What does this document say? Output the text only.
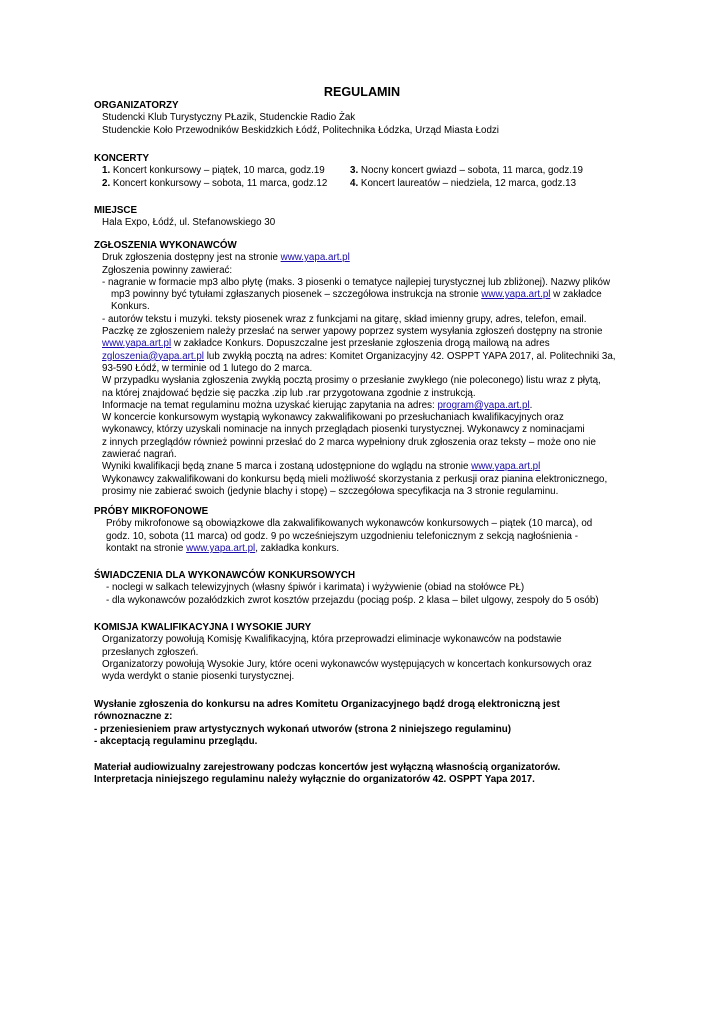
REGULAMIN
ORGANIZATORZY
Studencki Klub Turystyczny PŁazik, Studenckie Radio Żak
Studenckie Koło Przewodników Beskidzkich Łódź, Politechnika Łódzka, Urząd Miasta Łodzi
KONCERTY
1. Koncert konkursowy – piątek, 10 marca, godz.19	3. Nocny koncert gwiazd – sobota, 11 marca, godz.19
2. Koncert konkursowy – sobota, 11 marca, godz.12	4. Koncert laureatów – niedziela, 12 marca, godz.13
MIEJSCE
Hala Expo, Łódź, ul. Stefanowskiego 30
ZGŁOSZENIA WYKONAWCÓW
Druk zgłoszenia dostępny jest na stronie www.yapa.art.pl
Zgłoszenia powinny zawierać:
- nagranie w formacie mp3 albo płytę (maks. 3 piosenki o tematyce najlepiej turystycznej lub zbliżonej). Nazwy plików
mp3 powinny być tytułami zgłaszanych piosenek – szczegółowa instrukcja na stronie www.yapa.art.pl w zakładce
Konkurs.
- autorów tekstu i muzyki. teksty piosenek wraz z funkcjami na gitarę, skład imienny grupy, adres, telefon, email.
Paczkę ze zgłoszeniem należy przesłać na serwer yapowy poprzez system wysyłania zgłoszeń dostępny na stronie
www.yapa.art.pl w zakładce Konkurs. Dopuszczalne jest przesłanie zgłoszenia drogą mailową na adres
zgloszenia@yapa.art.pl lub zwykłą pocztą na adres: Komitet Organizacyjny 42. OSPPT YAPA 2017, al. Politechniki 3a,
93-590 Łódź, w terminie od 1 lutego do 2 marca.
W przypadku wysłania zgłoszenia zwykłą pocztą prosimy o przesłanie zwykłego (nie poleconego) listu wraz z płytą,
na której znajdować będzie się paczka .zip lub .rar przygotowana zgodnie z instrukcją.
Informacje na temat regulaminu można uzyskać kierując zapytania na adres: program@yapa.art.pl.
W koncercie konkursowym wystąpią wykonawcy zakwalifikowani po przesłuchaniach kwalifikacyjnych oraz
wykonawcy, którzy uzyskali nominacje na innych przeglądach piosenki turystycznej. Wykonawcy z nominacjami
z innych przeglądów również powinni przesłać do 2 marca wypełniony druk zgłoszenia oraz teksty – może ono nie
zawierać nagrań.
Wyniki kwalifikacji będą znane 5 marca i zostaną udostępnione do wglądu na stronie www.yapa.art.pl
Wykonawcy zakwalifikowani do konkursu będą mieli możliwość skorzystania z perkusji oraz pianina elektronicznego,
prosimy nie zabierać swoich (jedynie blachy i stopę) – szczegółowa specyfikacja na 3 stronie regulaminu.
PRÓBY MIKROFONOWE
Próby mikrofonowe są obowiązkowe dla zakwalifikowanych wykonawców konkursowych – piątek (10 marca), od
godz. 10, sobota (11 marca) od godz. 9 po wcześniejszym uzgodnieniu telefonicznym z sekcją nagłośnienia -
kontakt na stronie www.yapa.art.pl, zakładka konkurs.
ŚWIADCZENIA DLA WYKONAWCÓW KONKURSOWYCH
- noclegi w salkach telewizyjnych (własny śpiwór i karimata) i wyżywienie (obiad na stołówce PŁ)
- dla wykonawców pozałódzkich zwrot kosztów przejazdu (pociąg pośp. 2 klasa – bilet ulgowy, zespoły do 5 osób)
KOMISJA KWALIFIKACYJNA I WYSOKIE JURY
Organizatorzy powołują Komisję Kwalifikacyjną, która przeprowadzi eliminacje wykonawców na podstawie
przesłanych zgłoszeń.
Organizatorzy powołują Wysokie Jury, które oceni wykonawców występujących w koncertach konkursowych oraz
wyda werdykt o stanie piosenki turystycznej.
Wysłanie zgłoszenia do konkursu na adres Komitetu Organizacyjnego bądź drogą elektroniczną jest
równoznaczne z:
- przeniesieniem praw artystycznych wykonań utworów (strona 2 niniejszego regulaminu)
- akceptacją regulaminu przeglądu.
Materiał audiowizualny zarejestrowany podczas koncertów jest wyłączną własnością organizatorów.
Interpretacja niniejszego regulaminu należy wyłącznie do organizatorów 42. OSPPT Yapa 2017.
